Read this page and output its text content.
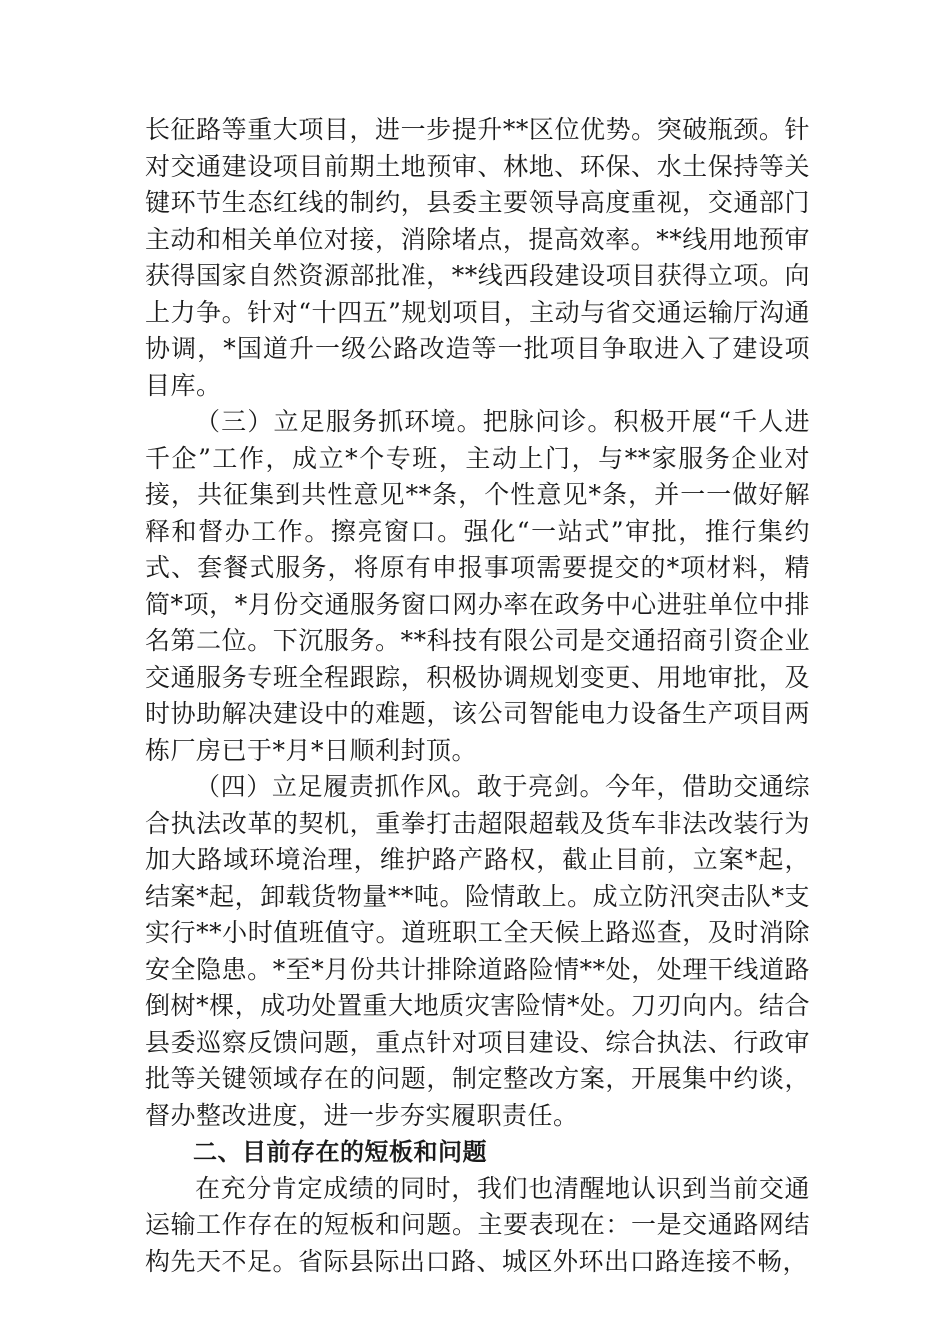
长征路等重大项目，进一步提升**区位优势。突破瓶颈。针对交通建设项目前期土地预审、林地、环保、水土保持等关键环节生态红线的制约，县委主要领导高度重视，交通部门主动和相关单位对接，消除堵点，提高效率。**线用地预审获得国家自然资源部批准，**线西段建设项目获得立项。向上力争。针对“十四五”规划项目，主动与省交通运输厅沟通协调，*国道升一级公路改造等一批项目争取进入了建设项目库。

（三）立足服务抓环境。把脉问诊。积极开展“千人进千企”工作，成立*个专班，主动上门，与**家服务企业对接，共征集到共性意见**条，个性意见*条，并一一做好解释和督办工作。擦亮窗口。强化“一站式”审批，推行集约式、套餐式服务，将原有申报事项需要提交的*项材料，精简*项，*月份交通服务窗口网办率在政务中心进驻单位中排名第二位。下沉服务。**科技有限公司是交通招商引资企业交通服务专班全程跟踪，积极协调规划变更、用地审批，及时协助解决建设中的难题，该公司智能电力设备生产项目两栋厂房已于*月*日顺利封顶。

（四）立足履责抓作风。敢于亮剑。今年，借助交通综合执法改革的契机，重拳打击超限超载及货车非法改装行为加大路域环境治理，维护路产路权，截止目前，立案*起，结案*起，卸载货物量**吨。险情敢上。成立防汛突击队*支实行**小时值班值守。道班职工全天候上路巡查，及时消除安全隐患。*至*月份共计排除道路险情**处，处理干线道路倒树*棵，成功处置重大地质灾害险情*处。刀刃向内。结合县委巡察反馈问题，重点针对项目建设、综合执法、行政审批等关键领域存在的问题，制定整改方案，开展集中约谈，督办整改进度，进一步夯实履职责任。

二、目前存在的短板和问题

在充分肯定成绩的同时，我们也清醒地认识到当前交通运输工作存在的短板和问题。主要表现在：一是交通路网结构先天不足。省际县际出口路、城区外环出口路连接不畅，
